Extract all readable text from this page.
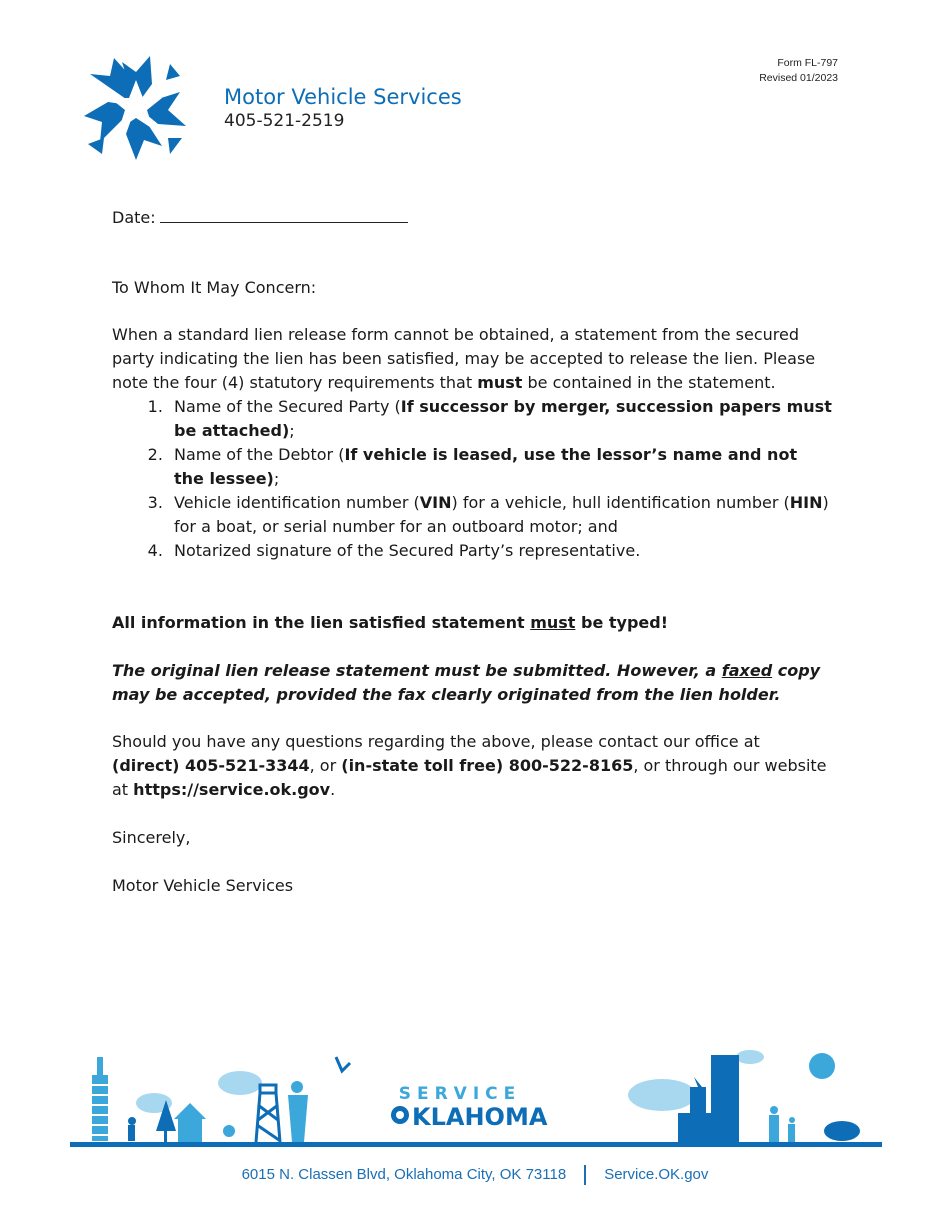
Form FL-797
Revised 01/2023
Motor Vehicle Services
405-521-2519
Date:
To Whom It May Concern:
When a standard lien release form cannot be obtained, a statement from the secured party indicating the lien has been satisfied, may be accepted to release the lien. Please note the four (4) statutory requirements that must be contained in the statement.
1. Name of the Secured Party (If successor by merger, succession papers must be attached);
2. Name of the Debtor (If vehicle is leased, use the lessor’s name and not the lessee);
3. Vehicle identification number (VIN) for a vehicle, hull identification number (HIN) for a boat, or serial number for an outboard motor; and
4. Notarized signature of the Secured Party’s representative.
All information in the lien satisfied statement must be typed!
The original lien release statement must be submitted. However, a faxed copy may be accepted, provided the fax clearly originated from the lien holder.
Should you have any questions regarding the above, please contact our office at (direct) 405-521-3344, or (in-state toll free) 800-522-8165, or through our website at https://service.ok.gov.
Sincerely,
Motor Vehicle Services
SERVICE
KLAHOMA
6015 N. Classen Blvd, Oklahoma City, OK 73118	Service.OK.gov
